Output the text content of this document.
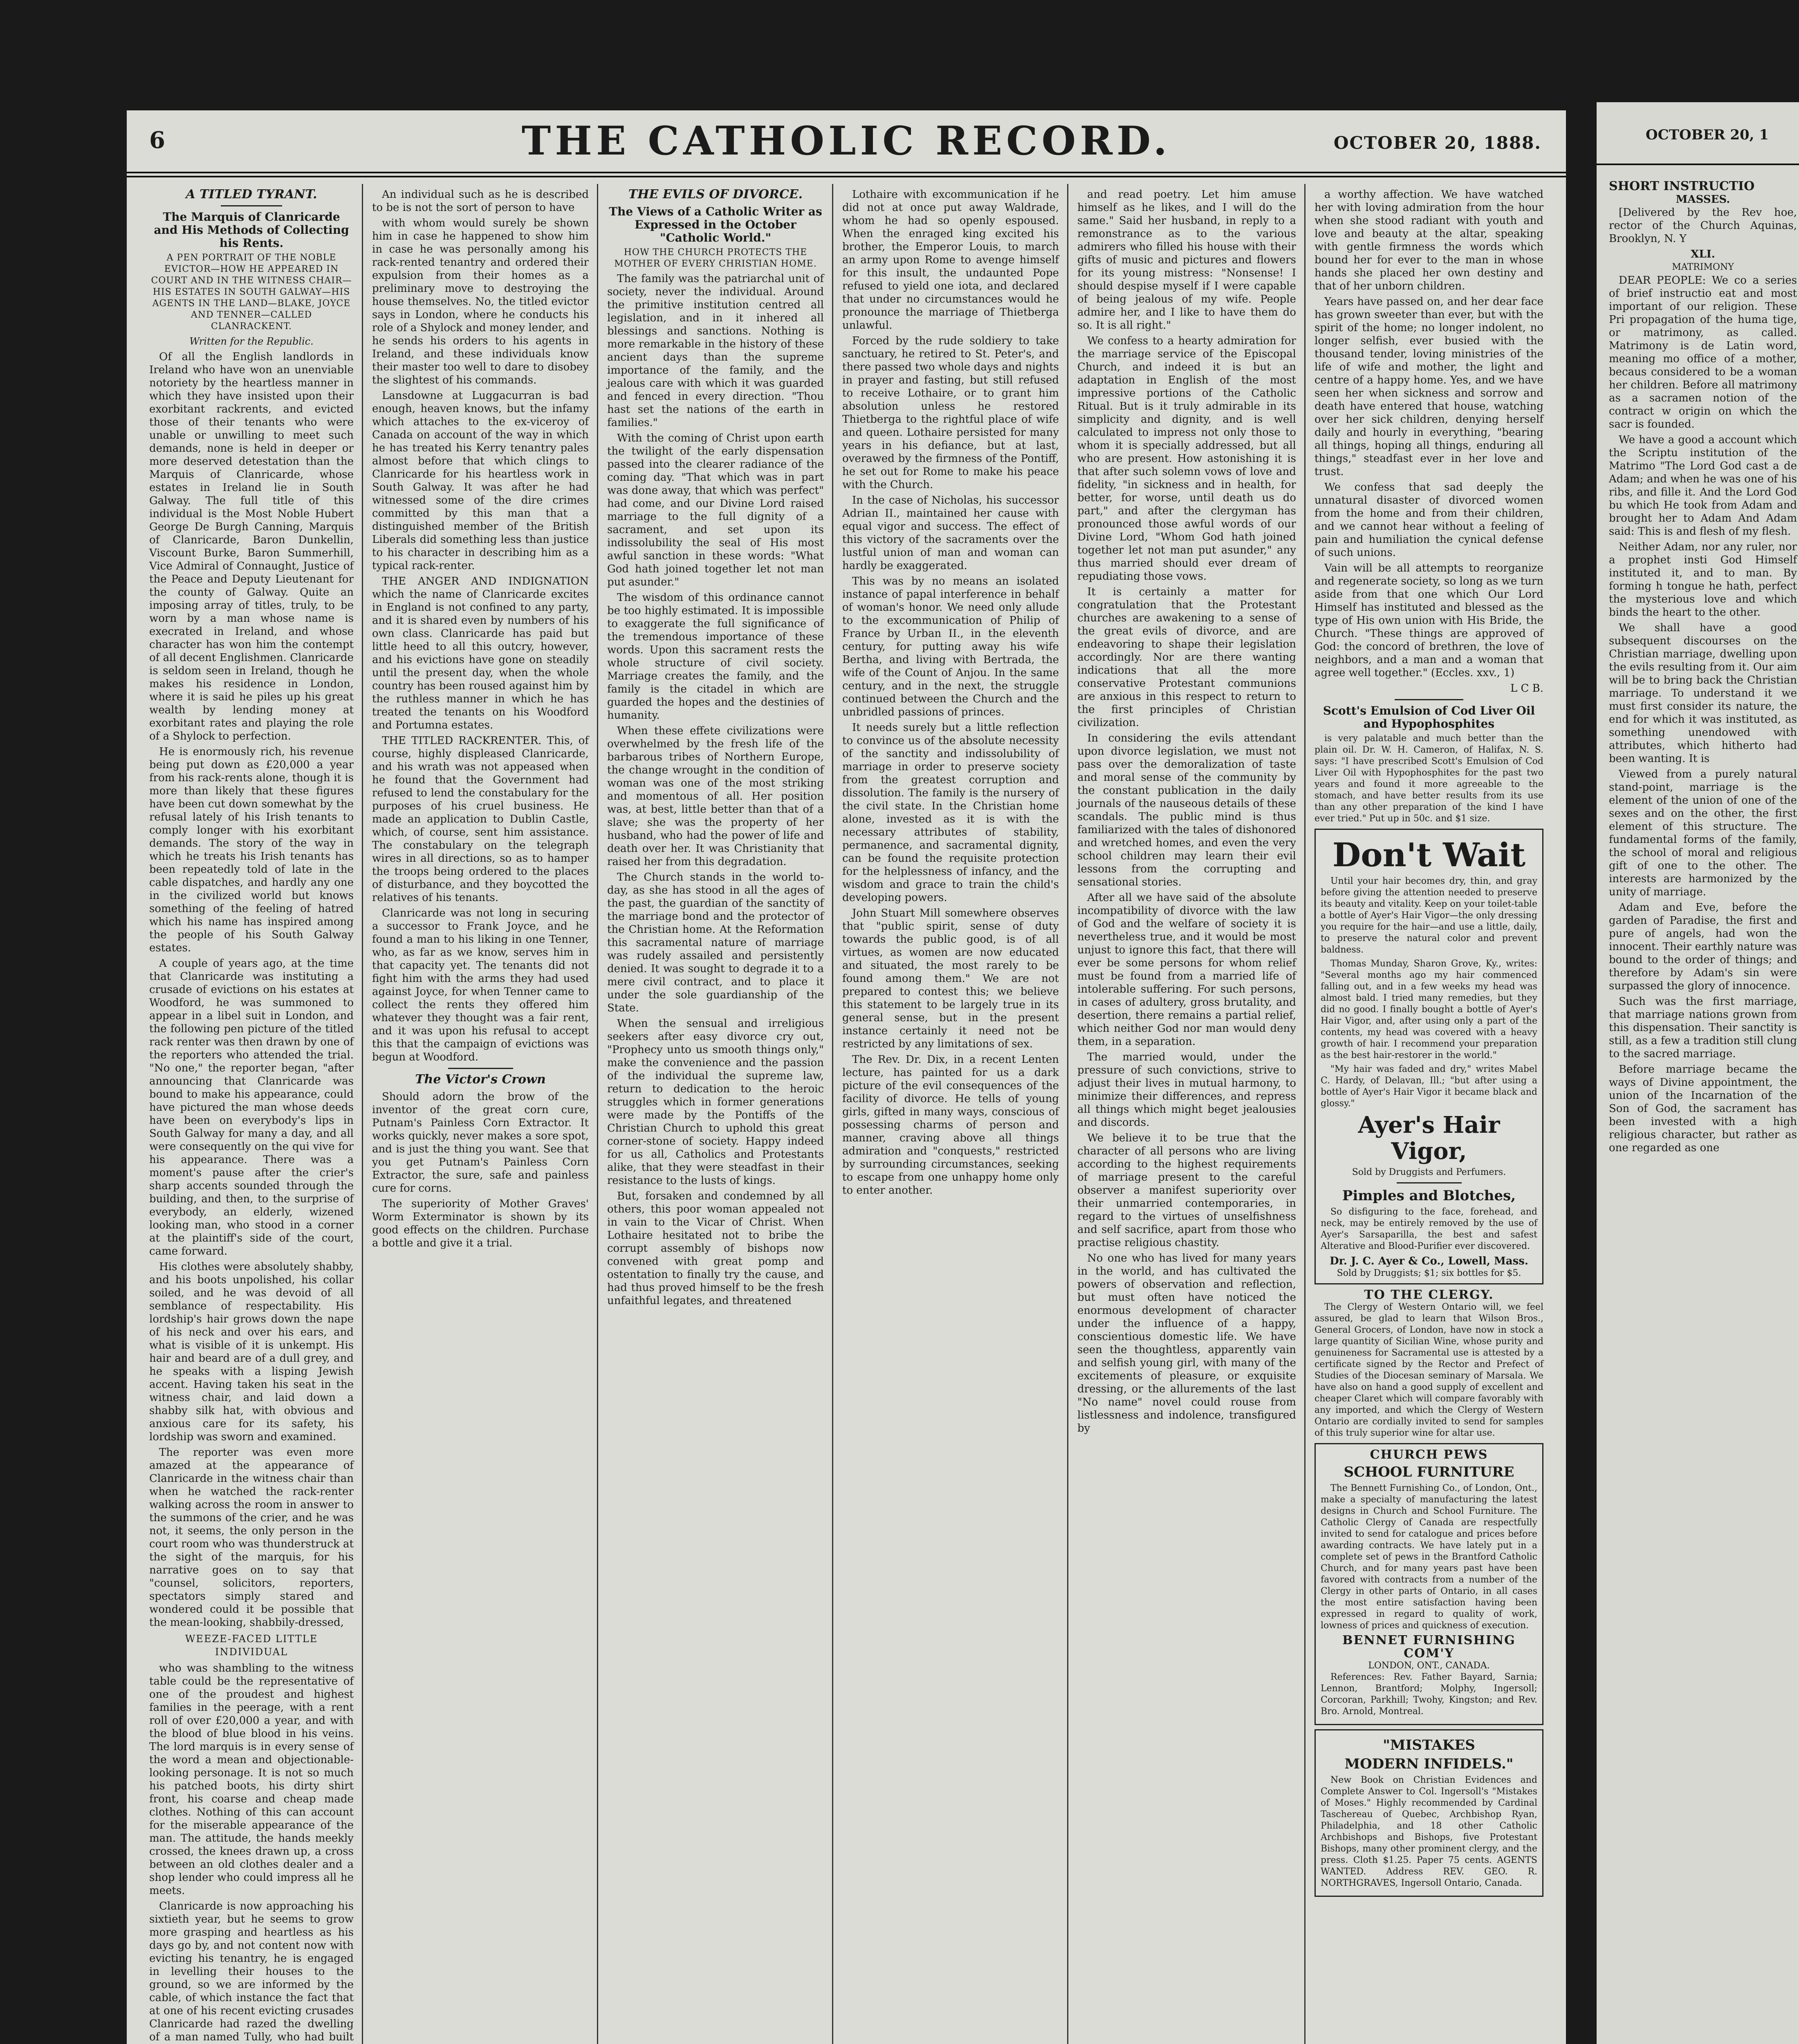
6	THE CATHOLIC RECORD.	OCTOBER 20, 1888.
A TITLED TYRANT.
The Marquis of Clanricarde and His Methods of Collecting his Rents.
A PEN PORTRAIT OF THE NOBLE EVICTOR—HOW HE APPEARED IN COURT AND IN THE WITNESS CHAIR—HIS ESTATES IN SOUTH GALWAY—HIS AGENTS IN THE LAND—BLAKE, JOYCE AND TENNER—CALLED CLANRACKENT.
Written for the Republic.

Of all the English landlords in Ireland who have won an unenviable notoriety by the heartless manner in which they have insisted upon their exorbitant rackrents, and evicted those of their tenants who were unable or unwilling to meet such demands, none is held in deeper or more deserved detestation than the Marquis of Clanricarde, whose estates in Ireland lie in South Galway. The full title of this individual is the Most Noble Hubert George De Burgh Canning, Marquis of Clanricarde, Baron Dunkellin, Viscount Burke, Baron Summerhill, Vice Admiral of Connaught, Justice of the Peace and Deputy Lieutenant for the county of Galway. Quite an imposing array of titles, truly, to be worn by a man whose name is execrated in Ireland, and whose character has won him the contempt of all decent Englishmen. Clanricarde is seldom seen in Ireland, though he makes his residence in London, where it is said he piles up his great wealth by lending money at exorbitant rates and playing the role of a Shylock to perfection.

He is enormously rich, his revenue being put down as £20,000 a year from his rack-rents alone, though it is more than likely that these figures have been cut down somewhat by the refusal lately of his Irish tenants to comply longer with his exorbitant demands. The story of the way in which he treats his Irish tenants has been repeatedly told of late in the cable dispatches, and hardly any one in the civilized world but knows something of the feeling of hatred which his name has inspired among the people of his South Galway estates.

A couple of years ago, at the time that Clanricarde was instituting a crusade of evictions on his estates at Woodford, he was summoned to appear in a libel suit in London, and the following pen picture of the titled rack renter was then drawn by one of the reporters who attended the trial. "No one," the reporter began, "after announcing that Clanricarde was bound to make his appearance, could have pictured the man whose deeds have been on everybody's lips in South Galway for many a day, and all were consequently on the qui vive for his appearance. There was a moment's pause after the crier's sharp accents sounded through the building, and then, to the surprise of everybody, an elderly, wizened looking man, who stood in a corner at the plaintiff's side of the court, came forward.

His clothes were absolutely shabby, and his boots unpolished, his collar soiled, and he was devoid of all semblance of respectability. His lordship's hair grows down the nape of his neck and over his ears, and what is visible of it is unkempt. His hair and beard are of a dull grey, and he speaks with a lisping Jewish accent. Having taken his seat in the witness chair, and laid down a shabby silk hat, with obvious and anxious care for its safety, his lordship was sworn and examined.

The reporter was even more amazed at the appearance of Clanricarde in the witness chair than when he watched the rack-renter walking across the room in answer to the summons of the crier, and he was not, it seems, the only person in the court room who was thunderstruck at the sight of the marquis, for his narrative goes on to say that "counsel, solicitors, reporters, spectators simply stared and wondered could it be possible that the mean-looking, shabbily-dressed,

WEEZE-FACED LITTLE INDIVIDUAL

who was shambling to the witness table could be the representative of one of the proudest and highest families in the peerage, with a rent roll of over £20,000 a year, and with the blood of blue blood in his veins. The lord marquis is in every sense of the word a mean and objectionable-looking personage. It is not so much his patched boots, his dirty shirt front, his coarse and cheap made clothes. Nothing of this can account for the miserable appearance of the man. The attitude, the hands meekly crossed, the knees drawn up, a cross between an old clothes dealer and a shop lender who could impress all he meets.

Clanricarde is now approaching his sixtieth year, but he seems to grow more grasping and heartless as his days go by, and not content now with evicting his tenantry, he is engaged in levelling their houses to the ground, so we are informed by the cable, of which instance the fact that at one of his recent evicting crusades Clanricarde had razed the dwelling of a man named Tully, who had built

An individual such as he is described to be is not the sort of person to have

with whom would surely be shown him in case he happened to show him in case he was personally among his rack-rented tenantry and ordered their expulsion from their homes as a preliminary move to destroying the house themselves. No, the titled evictor says in London, where he conducts his role of a Shylock and money lender, and he sends his orders to his agents in Ireland, and these individuals know their master too well to dare to disobey the slightest of his commands.

Lansdowne at Luggacurran is bad enough, heaven knows, but the infamy which attaches to the ex-viceroy of Canada on account of the way in which he has treated his Kerry tenantry pales almost before that which clings to Clanricarde for his heartless work in South Galway. It was after he had witnessed some of the dire crimes committed by this man that a distinguished member of the British Liberals did something less than justice to his character in describing him as a typical rack-renter.

THE ANGER AND INDIGNATION which the name of Clanricarde excites in England is not confined to any party, and it is shared even by numbers of his own class. Clanricarde has paid but little heed to all this outcry, however, and his evictions have gone on steadily until the present day, when the whole country has been roused against him by the ruthless manner in which he has treated the tenants on his Woodford and Portumna estates.

THE TITLED RACKRENTER. This, of course, highly displeased Clanricarde, and his wrath was not appeased when he found that the Government had refused to lend the constabulary for the purposes of his cruel business. He made an application to Dublin Castle, which, of course, sent him assistance. The constabulary on the telegraph wires in all directions, so as to hamper the troops being ordered to the places of disturbance, and they boycotted the relatives of his tenants.

Clanricarde was not long in securing a successor to Frank Joyce, and he found a man to his liking in one Tenner, who, as far as we know, serves him in that capacity yet. The tenants did not fight him with the arms they had used against Joyce, for when Tenner came to collect the rents they offered him whatever they thought was a fair rent, and it was upon his refusal to accept this that the campaign of evictions was begun at Woodford.

The Victor's Crown

Should adorn the brow of the inventor of the great corn cure, Putnam's Painless Corn Extractor. It works quickly, never makes a sore spot, and is just the thing you want. See that you get Putnam's Painless Corn Extractor, the sure, safe and painless cure for corns.

The superiority of Mother Graves' Worm Exterminator is shown by its good effects on the children. Purchase a bottle and give it a trial.

THE EVILS OF DIVORCE.
The Views of a Catholic Writer as Expressed in the October "Catholic World."
HOW THE CHURCH PROTECTS THE MOTHER OF EVERY CHRISTIAN HOME.

The family was the patriarchal unit of society, never the individual. Around the primitive institution centred all legislation, and in it inhered all blessings and sanctions. Nothing is more remarkable in the history of these ancient days than the supreme importance of the family, and the jealous care with which it was guarded and fenced in every direction. "Thou hast set the nations of the earth in families."

With the coming of Christ upon earth the twilight of the early dispensation passed into the clearer radiance of the coming day. "That which was in part was done away, that which was perfect" had come, and our Divine Lord raised marriage to the full dignity of a sacrament, and set upon its indissolubility the seal of His most awful sanction in these words: "What God hath joined together let not man put asunder."

The wisdom of this ordinance cannot be too highly estimated. It is impossible to exaggerate the full significance of the tremendous importance of these words. Upon this sacrament rests the whole structure of civil society. Marriage creates the family, and the family is the citadel in which are guarded the hopes and the destinies of humanity.

When these effete civilizations were overwhelmed by the fresh life of the barbarous tribes of Northern Europe, the change wrought in the condition of woman was one of the most striking and momentous of all. Her position was, at best, little better than that of a slave; she was the property of her husband, who had the power of life and death over her. It was Christianity that raised her from this degradation.

The Church stands in the world to-day, as she has stood in all the ages of the past, the guardian of the sanctity of the marriage bond and the protector of the Christian home. At the Reformation this sacramental nature of marriage was rudely assailed and persistently denied. It was sought to degrade it to a mere civil contract, and to place it under the sole guardianship of the State.

When the sensual and irreligious seekers after easy divorce cry out, "Prophecy unto us smooth things only," make the convenience and the passion of the individual the supreme law, return to dedication to the heroic struggles which in former generations were made by the Pontiffs of the Christian Church to uphold this great corner-stone of society. Happy indeed for us all, Catholics and Protestants alike, that they were steadfast in their resistance to the lusts of kings.

But, forsaken and condemned by all others, this poor woman appealed not in vain to the Vicar of Christ. When Lothaire hesitated not to bribe the corrupt assembly of bishops now convened with great pomp and ostentation to finally try the cause, and had thus proved himself to be the fresh unfaithful legates, and threatened

Lothaire with excommunication if he did not at once put away Waldrade, whom he had so openly espoused. When the enraged king excited his brother, the Emperor Louis, to march an army upon Rome to avenge himself for this insult, the undaunted Pope refused to yield one iota, and declared that under no circumstances would he pronounce the marriage of Thietberga unlawful.

Forced by the rude soldiery to take sanctuary, he retired to St. Peter's, and there passed two whole days and nights in prayer and fasting, but still refused to receive Lothaire, or to grant him absolution unless he restored Thietberga to the rightful place of wife and queen. Lothaire persisted for many years in his defiance, but at last, overawed by the firmness of the Pontiff, he set out for Rome to make his peace with the Church.

In the case of Nicholas, his successor Adrian II., maintained her cause with equal vigor and success. The effect of this victory of the sacraments over the lustful union of man and woman can hardly be exaggerated.

This was by no means an isolated instance of papal interference in behalf of woman's honor. We need only allude to the excommunication of Philip of France by Urban II., in the eleventh century, for putting away his wife Bertha, and living with Bertrada, the wife of the Count of Anjou. In the same century, and in the next, the struggle continued between the Church and the unbridled passions of princes.

It needs surely but a little reflection to convince us of the absolute necessity of the sanctity and indissolubility of marriage in order to preserve society from the greatest corruption and dissolution. The family is the nursery of the civil state. In the Christian home alone, invested as it is with the necessary attributes of stability, permanence, and sacramental dignity, can be found the requisite protection for the helplessness of infancy, and the wisdom and grace to train the child's developing powers.

John Stuart Mill somewhere observes that "public spirit, sense of duty towards the public good, is of all virtues, as women are now educated and situated, the most rarely to be found among them." We are not prepared to contest this; we believe this statement to be largely true in its general sense, but in the present instance certainly it need not be restricted by any limitations of sex.

The Rev. Dr. Dix, in a recent Lenten lecture, has painted for us a dark picture of the evil consequences of the facility of divorce. He tells of young girls, gifted in many ways, conscious of possessing charms of person and manner, craving above all things admiration and "conquests," restricted by surrounding circumstances, seeking to escape from one unhappy home only to enter another.

and read poetry. Let him amuse himself as he likes, and I will do the same." Said her husband, in reply to a remonstrance as to the various admirers who filled his house with their gifts of music and pictures and flowers for its young mistress: "Nonsense! I should despise myself if I were capable of being jealous of my wife. People admire her, and I like to have them do so. It is all right."

We confess to a hearty admiration for the marriage service of the Episcopal Church, and indeed it is but an adaptation in English of the most impressive portions of the Catholic Ritual. But is it truly admirable in its simplicity and dignity, and is well calculated to impress not only those to whom it is specially addressed, but all who are present. How astonishing it is that after such solemn vows of love and fidelity, "in sickness and in health, for better, for worse, until death us do part," and after the clergyman has pronounced those awful words of our Divine Lord, "Whom God hath joined together let not man put asunder," any thus married should ever dream of repudiating those vows.

It is certainly a matter for congratulation that the Protestant churches are awakening to a sense of the great evils of divorce, and are endeavoring to shape their legislation accordingly. Nor are there wanting indications that all the more conservative Protestant communions are anxious in this respect to return to the first principles of Christian civilization.

In considering the evils attendant upon divorce legislation, we must not pass over the demoralization of taste and moral sense of the community by the constant publication in the daily journals of the nauseous details of these scandals. The public mind is thus familiarized with the tales of dishonored and wretched homes, and even the very school children may learn their evil lessons from the corrupting and sensational stories.

After all we have said of the absolute incompatibility of divorce with the law of God and the welfare of society it is nevertheless true, and it would be most unjust to ignore this fact, that there will ever be some persons for whom relief must be found from a married life of intolerable suffering. For such persons, in cases of adultery, gross brutality, and desertion, there remains a partial relief, which neither God nor man would deny them, in a separation.

The married would, under the pressure of such convictions, strive to adjust their lives in mutual harmony, to minimize their differences, and repress all things which might beget jealousies and discords.

We believe it to be true that the character of all persons who are living according to the highest requirements of marriage present to the careful observer a manifest superiority over their unmarried contemporaries, in regard to the virtues of unselfishness and self sacrifice, apart from those who practise religious chastity.

No one who has lived for many years in the world, and has cultivated the powers of observation and reflection, but must often have noticed the enormous development of character under the influence of a happy, conscientious domestic life. We have seen the thoughtless, apparently vain and selfish young girl, with many of the excitements of pleasure, or exquisite dressing, or the allurements of the last "No name" novel could rouse from listlessness and indolence, transfigured by

a worthy affection. We have watched her with loving admiration from the hour when she stood radiant with youth and love and beauty at the altar, speaking with gentle firmness the words which bound her for ever to the man in whose hands she placed her own destiny and that of her unborn children.

Years have passed on, and her dear face has grown sweeter than ever, but with the spirit of the home; no longer indolent, no longer selfish, ever busied with the thousand tender, loving ministries of the life of wife and mother, the light and centre of a happy home. Yes, and we have seen her when sickness and sorrow and death have entered that house, watching over her sick children, denying herself daily and hourly in everything, "bearing all things, hoping all things, enduring all things," steadfast ever in her love and trust.

We confess that sad deeply the unnatural disaster of divorced women from the home and from their children, and we cannot hear without a feeling of pain and humiliation the cynical defense of such unions.

Vain will be all attempts to reorganize and regenerate society, so long as we turn aside from that one which Our Lord Himself has instituted and blessed as the type of His own union with His Bride, the Church. "These things are approved of God: the concord of brethren, the love of neighbors, and a man and a woman that agree well together." (Eccles. xxv., 1)

L C B.
Scott's Emulsion of Cod Liver Oil and Hypophosphites

is very palatable and much better than the plain oil. Dr. W. H. Cameron, of Halifax, N. S. says: "I have prescribed Scott's Emulsion of Cod Liver Oil with Hypophosphites for the past two years and found it more agreeable to the stomach, and have better results from its use than any other preparation of the kind I have ever tried." Put up in 50c. and $1 size.

Don't Wait

Until your hair becomes dry, thin, and gray before giving the attention needed to preserve its beauty and vitality. Keep on your toilet-table a bottle of Ayer's Hair Vigor—the only dressing you require for the hair—and use a little, daily, to preserve the natural color and prevent baldness.

Thomas Munday, Sharon Grove, Ky., writes: "Several months ago my hair commenced falling out, and in a few weeks my head was almost bald. I tried many remedies, but they did no good. I finally bought a bottle of Ayer's Hair Vigor, and, after using only a part of the contents, my head was covered with a heavy growth of hair. I recommend your preparation as the best hair-restorer in the world."

"My hair was faded and dry," writes Mabel C. Hardy, of Delavan, Ill.; "but after using a bottle of Ayer's Hair Vigor it became black and glossy."

Ayer's Hair Vigor,
Sold by Druggists and Perfumers.
Pimples and Blotches,

So disfiguring to the face, forehead, and neck, may be entirely removed by the use of Ayer's Sarsaparilla, the best and safest Alterative and Blood-Purifier ever discovered.

Dr. J. C. Ayer & Co., Lowell, Mass.
Sold by Druggists; $1; six bottles for $5.
TO THE CLERGY.

The Clergy of Western Ontario will, we feel assured, be glad to learn that Wilson Bros., General Grocers, of London, have now in stock a large quantity of Sicilian Wine, whose purity and genuineness for Sacramental use is attested by a certificate signed by the Rector and Prefect of Studies of the Diocesan seminary of Marsala. We have also on hand a good supply of excellent and cheaper Claret which will compare favorably with any imported, and which the Clergy of Western Ontario are cordially invited to send for samples of this truly superior wine for altar use.

CHURCH PEWS
SCHOOL FURNITURE

The Bennett Furnishing Co., of London, Ont., make a specialty of manufacturing the latest designs in Church and School Furniture. The Catholic Clergy of Canada are respectfully invited to send for catalogue and prices before awarding contracts. We have lately put in a complete set of pews in the Brantford Catholic Church, and for many years past have been favored with contracts from a number of the Clergy in other parts of Ontario, in all cases the most entire satisfaction having been expressed in regard to quality of work, lowness of prices and quickness of execution.

BENNET FURNISHING COM'Y
LONDON, ONT., CANADA.

References: Rev. Father Bayard, Sarnia; Lennon, Brantford; Molphy, Ingersoll; Corcoran, Parkhill; Twohy, Kingston; and Rev. Bro. Arnold, Montreal.

"MISTAKES
MODERN INFIDELS."

New Book on Christian Evidences and Complete Answer to Col. Ingersoll's "Mistakes of Moses." Highly recommended by Cardinal Taschereau of Quebec, Archbishop Ryan, Philadelphia, and 18 other Catholic Archbishops and Bishops, five Protestant Bishops, many other prominent clergy, and the press. Cloth $1.25. Paper 75 cents. AGENTS WANTED. Address REV. GEO. R. NORTHGRAVES, Ingersoll Ontario, Canada.

OCTOBER 20, 1
SHORT INSTRUCTIO
MASSES.

[Delivered by the Rev hoe, rector of the Church Aquinas, Brooklyn, N. Y

XLI.
MATRIMONY

DEAR PEOPLE: We co a series of brief instructio eat and most important of our religion. These Pri propagation of the huma tige, or matrimony, as called. Matrimony is de Latin word, meaning mo office of a mother, becaus considered to be a woman her children. Before all matrimony as a sacramen notion of the contract w origin on which the sacr is founded.

We have a good a account which the Scriptu institution of the Matrimo "The Lord God cast a de Adam; and when he was one of his ribs, and fille it. And the Lord God bu which He took from Adam and brought her to Adam And Adam said: This is and flesh of my flesh.

Neither Adam, nor any ruler, nor a prophet insti God Himself instituted it, and to man. By forming h tongue he hath, perfect the mysterious love and which binds the heart to the other.

We shall have a good subsequent discourses on the Christian marriage, dwelling upon the evils resulting from it. Our aim will be to bring back the Christian marriage. To understand it we must first consider its nature, the end for which it was instituted, as something unendowed with attributes, which hitherto had been wanting. It is

Viewed from a purely natural stand-point, marriage is the element of the union of one of the sexes and on the other, the first element of this structure. The fundamental forms of the family, the school of moral and religious gift of one to the other. The interests are harmonized by the unity of marriage.

Adam and Eve, before the garden of Paradise, the first and pure of angels, had won the innocent. Their earthly nature was bound to the order of things; and therefore by Adam's sin were surpassed the glory of innocence.

Such was the first marriage, that marriage nations grown from this dispensation. Their sanctity is still, as a few a tradition still clung to the sacred marriage.

Before marriage became the ways of Divine appointment, the union of the Incarnation of the Son of God, the sacrament has been invested with a high religious character, but rather as one regarded as one
